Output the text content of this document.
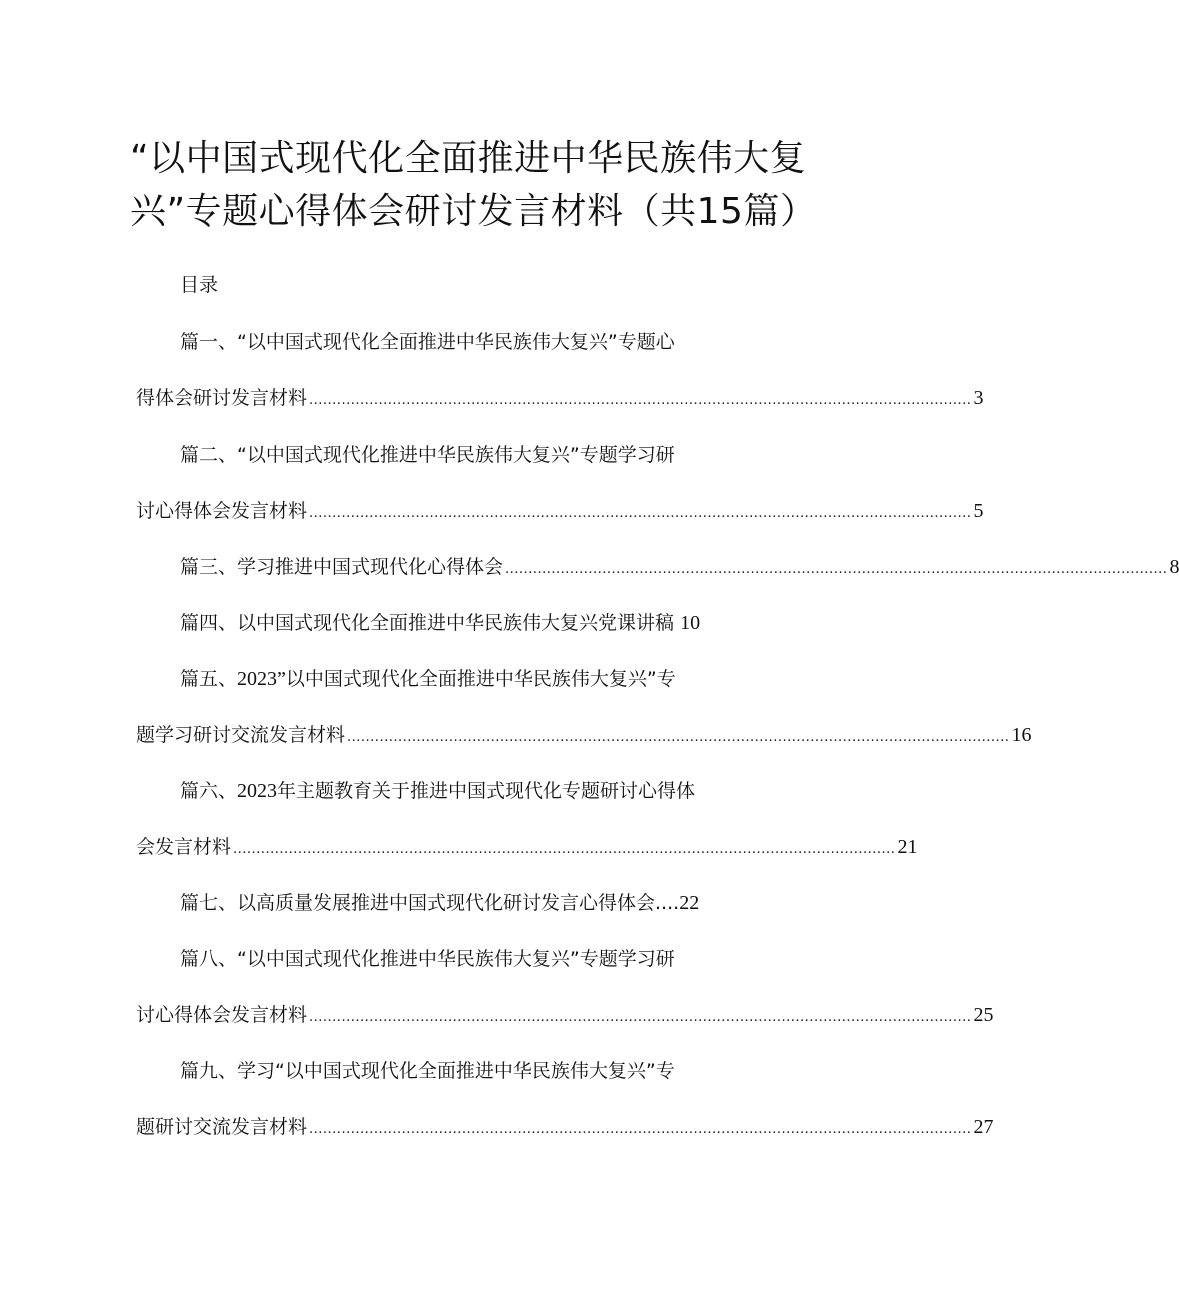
“以中国式现代化全面推进中华民族伟大复
兴”专题心得体会研讨发言材料（共15篇）
目录
篇一、“以中国式现代化全面推进中华民族伟大复兴”专题心
得体会研讨发言材料 ............................................................................................................................................... 3
篇二、“以中国式现代化推进中华民族伟大复兴”专题学习研
讨心得体会发言材料 ............................................................................................................................................... 5
篇三、学习推进中国式现代化心得体会 ............................................................................................................................................... 8
篇四、以中国式现代化全面推进中华民族伟大复兴党课讲稿 10
篇五、2023”以中国式现代化全面推进中华民族伟大复兴”专
题学习研讨交流发言材料 ............................................................................................................................................... 16
篇六、2023年主题教育关于推进中国式现代化专题研讨心得体
会发言材料 ............................................................................................................................................... 21
篇七、以高质量发展推进中国式现代化研讨发言心得体会....22
篇八、“以中国式现代化推进中华民族伟大复兴”专题学习研
讨心得体会发言材料 ............................................................................................................................................... 25
篇九、学习“以中国式现代化全面推进中华民族伟大复兴”专
题研讨交流发言材料 ............................................................................................................................................... 27
